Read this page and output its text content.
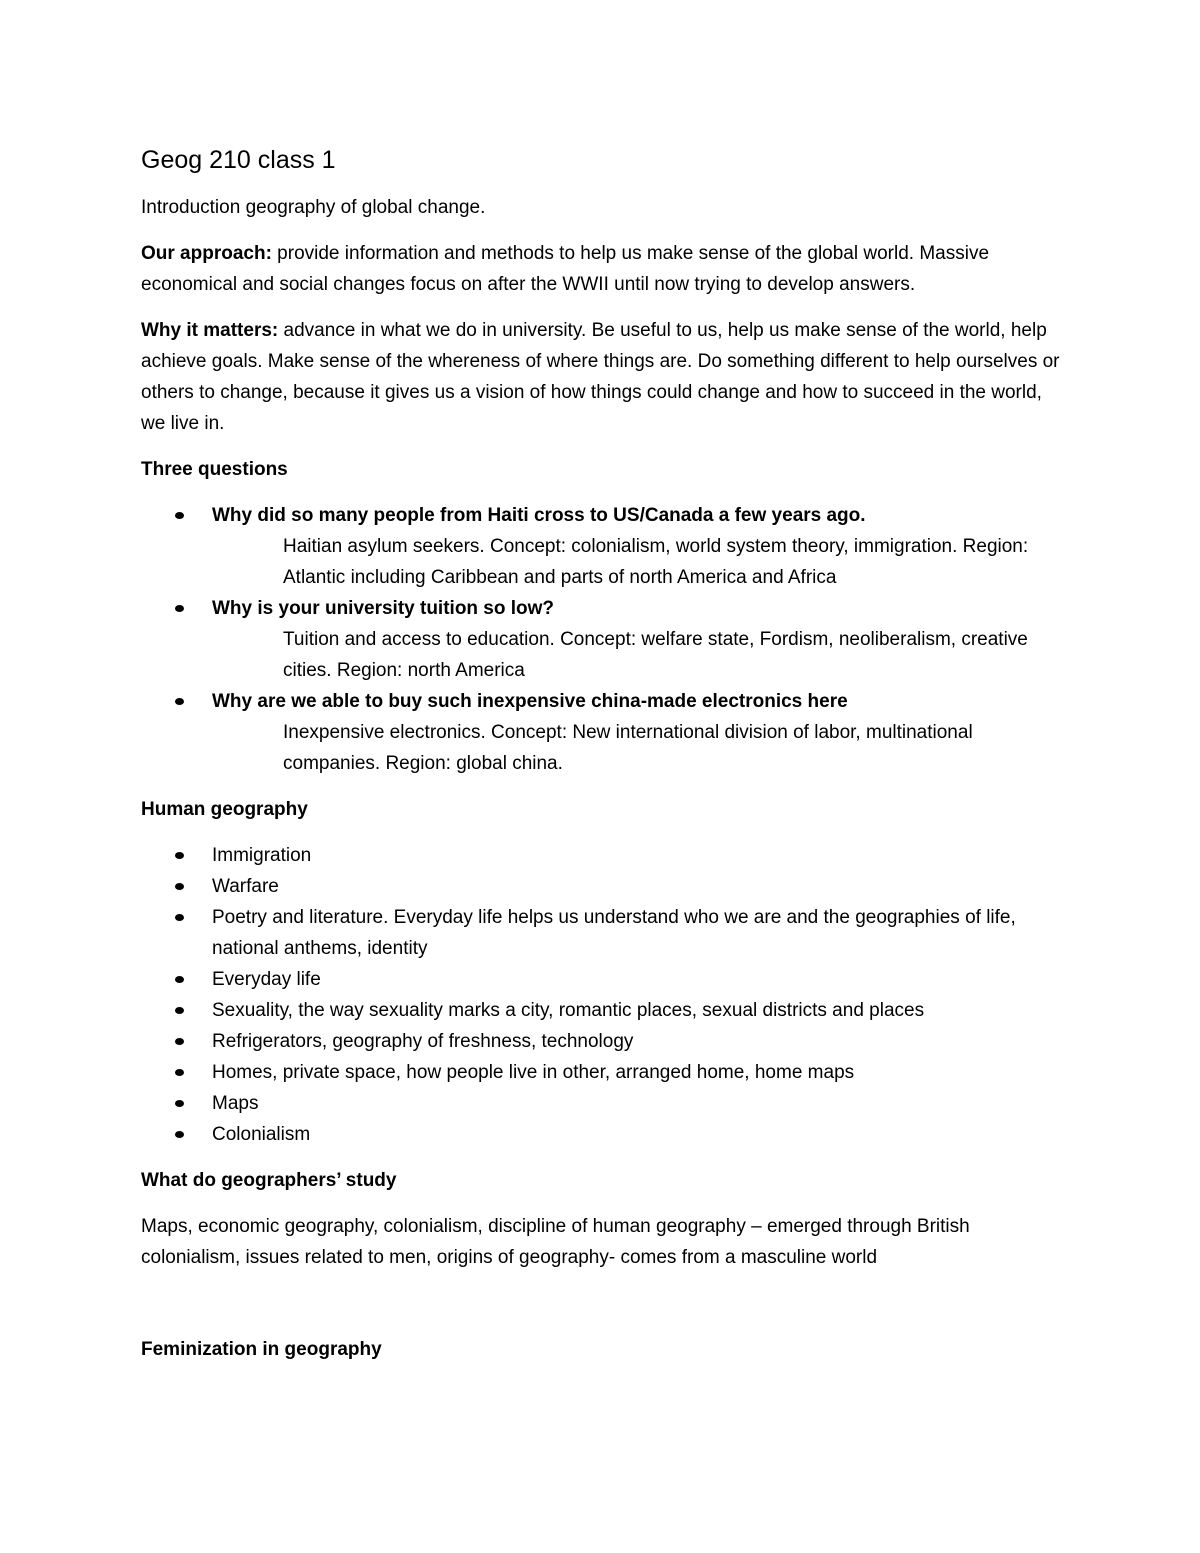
Geog 210 class 1

Introduction geography of global change.

Our approach: provide information and methods to help us make sense of the global world. Massive economical and social changes focus on after the WWII until now trying to develop answers.

Why it matters: advance in what we do in university. Be useful to us, help us make sense of the world, help achieve goals. Make sense of the whereness of where things are. Do something different to help ourselves or others to change, because it gives us a vision of how things could change and how to succeed in the world, we live in.

Three questions
Why did so many people from Haiti cross to US/Canada a few years ago.
Haitian asylum seekers. Concept: colonialism, world system theory, immigration. Region: Atlantic including Caribbean and parts of north America and Africa
Why is your university tuition so low?
Tuition and access to education. Concept: welfare state, Fordism, neoliberalism, creative cities. Region: north America
Why are we able to buy such inexpensive china-made electronics here
Inexpensive electronics. Concept: New international division of labor, multinational companies. Region: global china.
Human geography
Immigration
Warfare
Poetry and literature. Everyday life helps us understand who we are and the geographies of life, national anthems, identity
Everyday life
Sexuality, the way sexuality marks a city, romantic places, sexual districts and places
Refrigerators, geography of freshness, technology
Homes, private space, how people live in other, arranged home, home maps
Maps
Colonialism
What do geographers’ study

Maps, economic geography, colonialism, discipline of human geography – emerged through British colonialism, issues related to men, origins of geography- comes from a masculine world

Feminization in geography
